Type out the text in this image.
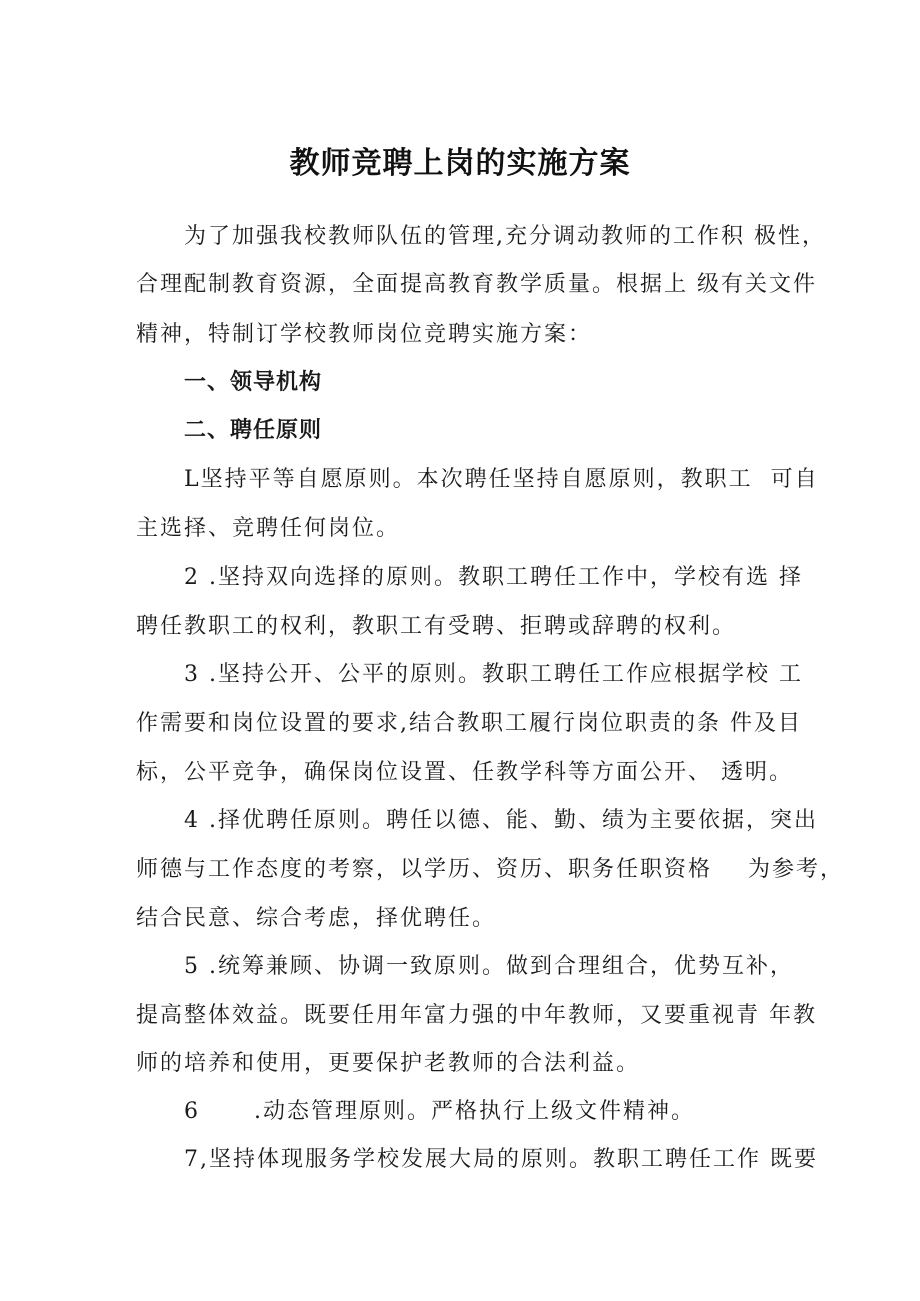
教师竞聘上岗的实施方案
为了加强我校教师队伍的管理,充分调动教师的工作积 极性，
合理配制教育资源，全面提高教育教学质量。根据上 级有关文件
精神，特制订学校教师岗位竞聘实施方案：
一、领导机构
二、聘任原则
L坚持平等自愿原则。本次聘任坚持自愿原则，教职工  可自
主选择、竞聘任何岗位。
2 .坚持双向选择的原则。教职工聘任工作中，学校有选 择
聘任教职工的权利，教职工有受聘、拒聘或辞聘的权利。
3 .坚持公开、公平的原则。教职工聘任工作应根据学校 工
作需要和岗位设置的要求,结合教职工履行岗位职责的条 件及目
标，公平竞争，确保岗位设置、任教学科等方面公开、 透明。
4 .择优聘任原则。聘任以德、能、勤、绩为主要依据，突出
师德与工作态度的考察，以学历、资历、职务任职资格    为参考，
结合民意、综合考虑，择优聘任。
5 .统筹兼顾、协调一致原则。做到合理组合，优势互补，
提高整体效益。既要任用年富力强的中年教师，又要重视青 年教
师的培养和使用，更要保护老教师的合法利益。
6      .动态管理原则。严格执行上级文件精神。
7,坚持体现服务学校发展大局的原则。教职工聘任工作 既要
